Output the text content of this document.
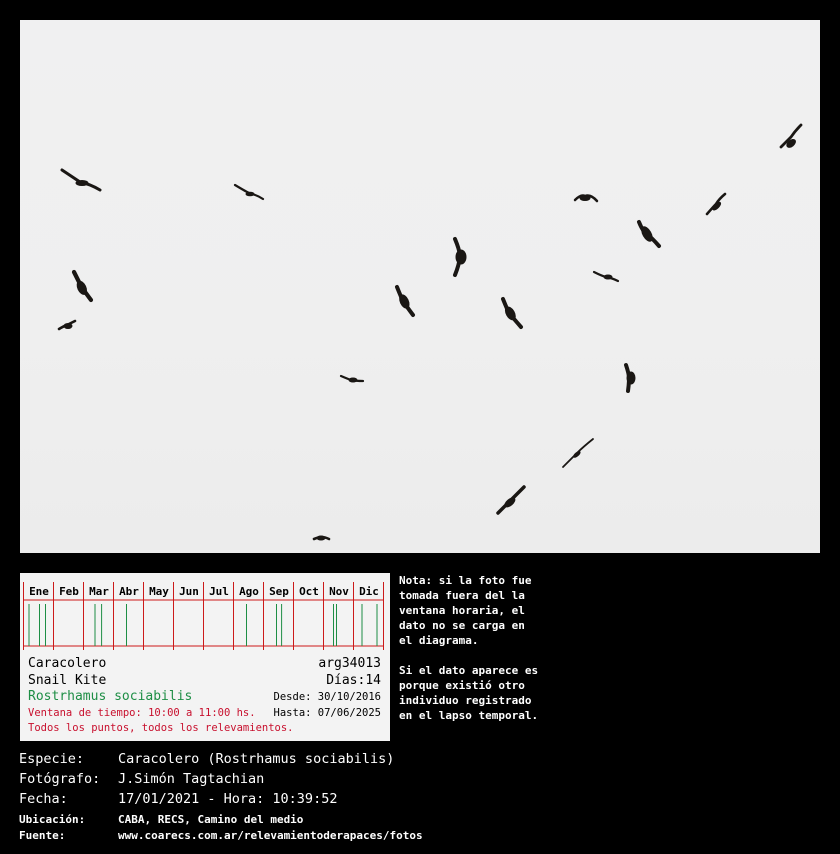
Ene Feb Mar Abr May Jun Jul Ago Sep Oct Nov Dic
Caracolero	arg34013
Snail Kite	Días:14
Rostrhamus sociabilis	Desde: 30/10/2016
Ventana de tiempo: 10:00 a 11:00 hs. Hasta: 07/06/2025
Todos los puntos, todos los relevamientos.
Nota: si la foto fue
tomada fuera del la
ventana horaria, el
dato no se carga en
el diagrama.

Si el dato aparece es
porque existió otro
individuo registrado
en el lapso temporal.
Especie:	Caracolero (Rostrhamus sociabilis)
Fotógrafo: J.Simón Tagtachian
Fecha:	17/01/2021 - Hora: 10:39:52
Ubicación:	CABA, RECS, Camino del medio
Fuente:	www.coarecs.com.ar/relevamientoderapaces/fotos
